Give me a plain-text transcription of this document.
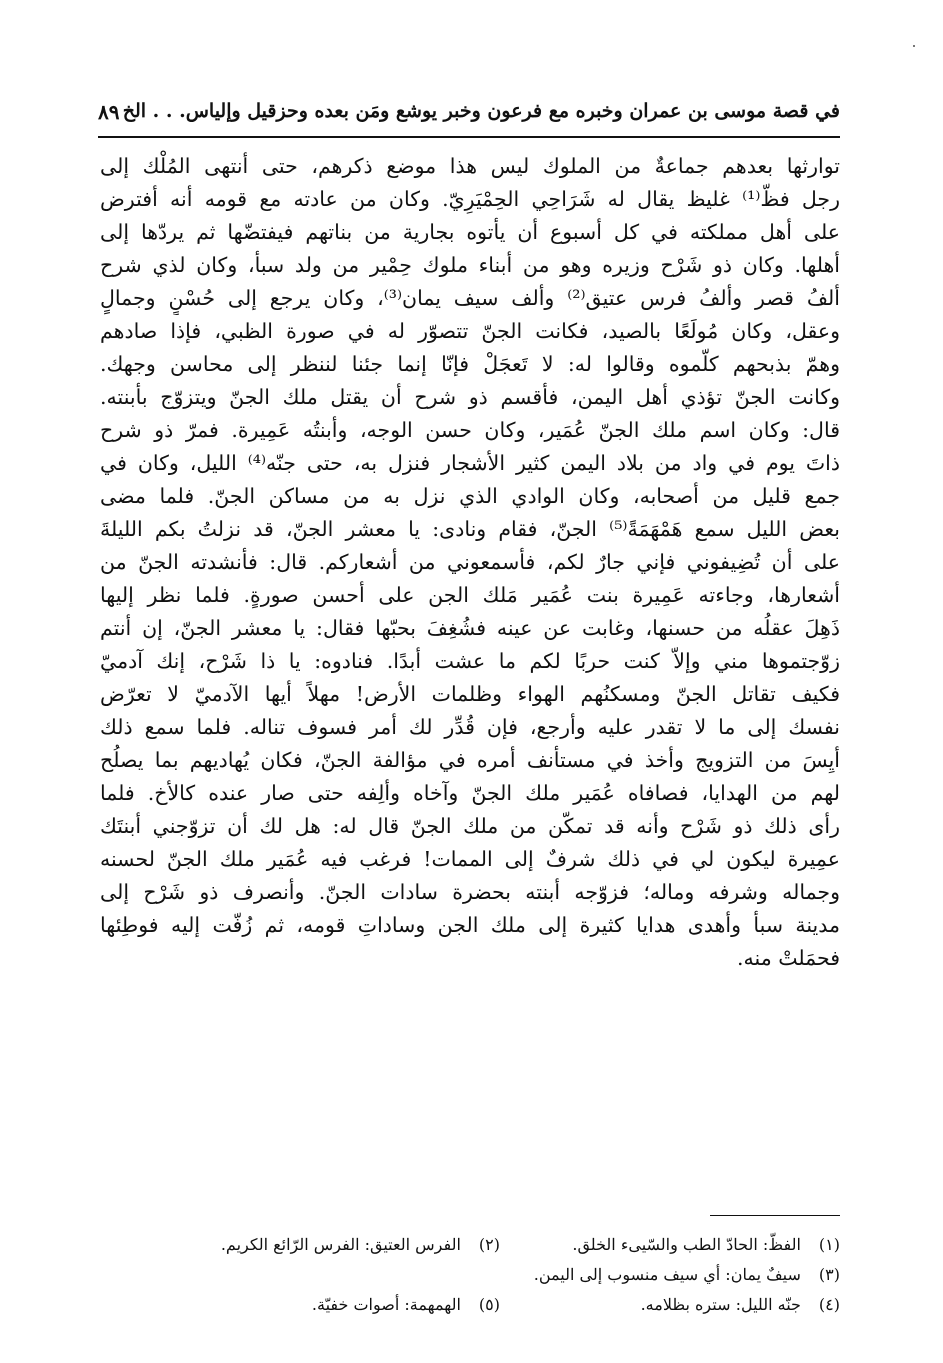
في قصة موسى بن عمران وخبره مع فرعون وخبر يوشع ومَن بعده وحزقيل وإلياس. . . الخ
٨٩
توارثها بعدهم جماعةٌ من الملوك ليس هذا موضع ذكرهم، حتى أنتهى المُلْك إلى
رجل فظّ⁽¹⁾ غليظ يقال له شَرَاحِي الحِمْيَرِيّ. وكان من عادته مع قومه أنه أفترض
على أهل مملكته في كل أسبوع أن يأتوه بجارية من بناتهم فيفتضّها ثم يردّها إلى
أهلها. وكان ذو شَرْح وزيره وهو من أبناء ملوك حِمْير من ولد سبأ، وكان لذي شرح
ألفُ قصر وألفُ فرس عتيق⁽²⁾ وألف سيف يمان⁽³⁾، وكان يرجع إلى حُسْنٍ وجمالٍ
وعقل، وكان مُولَعًا بالصيد، فكانت الجنّ تتصوّر له في صورة الظبي، فإذا صادهم
وهمّ بذبحهم كلّموه وقالوا له: لا تَعجَلْ فإنّا إنما جئنا لننظر إلى محاسن وجهك.
وكانت الجنّ تؤذي أهل اليمن، فأقسم ذو شرح أن يقتل ملك الجنّ ويتزوّج بأبنته.
قال: وكان اسم ملك الجنّ عُمَير، وكان حسن الوجه، وأبنتُه عَمِيرة. فمرّ ذو شرح
ذاتَ يوم في واد من بلاد اليمن كثير الأشجار فنزل به، حتى جنّه⁽⁴⁾ الليل، وكان في
جمع قليل من أصحابه، وكان الوادي الذي نزل به من مساكن الجنّ. فلما مضى
بعض الليل سمع هَمْهَمَةً⁽⁵⁾ الجنّ، فقام ونادى: يا معشر الجنّ، قد نزلتُ بكم الليلةَ
على أن تُضِيفوني فإني جارٌ لكم، فأسمعوني من أشعاركم. قال: فأنشدته الجنّ من
أشعارها، وجاءته عَمِيرة بنت عُمَير مَلك الجن على أحسن صورةٍ. فلما نظر إليها
ذَهِلَ عقلُه من حسنها، وغابت عن عينه فشُغِفَ بحبّها فقال: يا معشر الجنّ، إن أنتم
زوّجتموها مني وإلاّ كنت حربًا لكم ما عشت أبدًا. فنادوه: يا ذا شَرْح، إنك آدميّ
فكيف تقاتل الجنّ ومسكنُهم الهواء وظلمات الأرض! مهلاً أيها الآدميّ لا تعرّض
نفسك إلى ما لا تقدر عليه وأرجع، فإن قُدِّر لك أمر فسوف تناله. فلما سمع ذلك
أيِسَ من التزويج وأخذ في مستأنف أمره في مؤالفة الجنّ، فكان يُهاديهم بما يصلُح
لهم من الهدايا، فصافاه عُمَير ملك الجنّ وآخاه وألِفه حتى صار عنده كالأخ. فلما
رأى ذلك ذو شَرْح وأنه قد تمكّن من ملك الجنّ قال له: هل لك أن تزوّجني أبنتَك
عمِيرة ليكون لي في ذلك شرفٌ إلى الممات! فرغب فيه عُمَير ملك الجنّ لحسنه
وجماله وشرفه وماله؛ فزوّجه أبنته بحضرة سادات الجنّ. وأنصرف ذو شَرْح إلى
مدينة سبأ وأهدى هدايا كثيرة إلى ملك الجن وساداتِ قومه، ثم زُفّت إليه فوطِئها
فحمَلتْ منه.
(١) الفظّ: الحادّ الطب والسّيىء الخلق.
(٢) الفرس العتيق: الفرس الرّائع الكريم.
(٣) سيفٌ يمان: أي سيف منسوب إلى اليمن.
(٤) جنّه الليل: ستره بظلامه.
(٥) الهمهمة: أصوات خفيّة.
